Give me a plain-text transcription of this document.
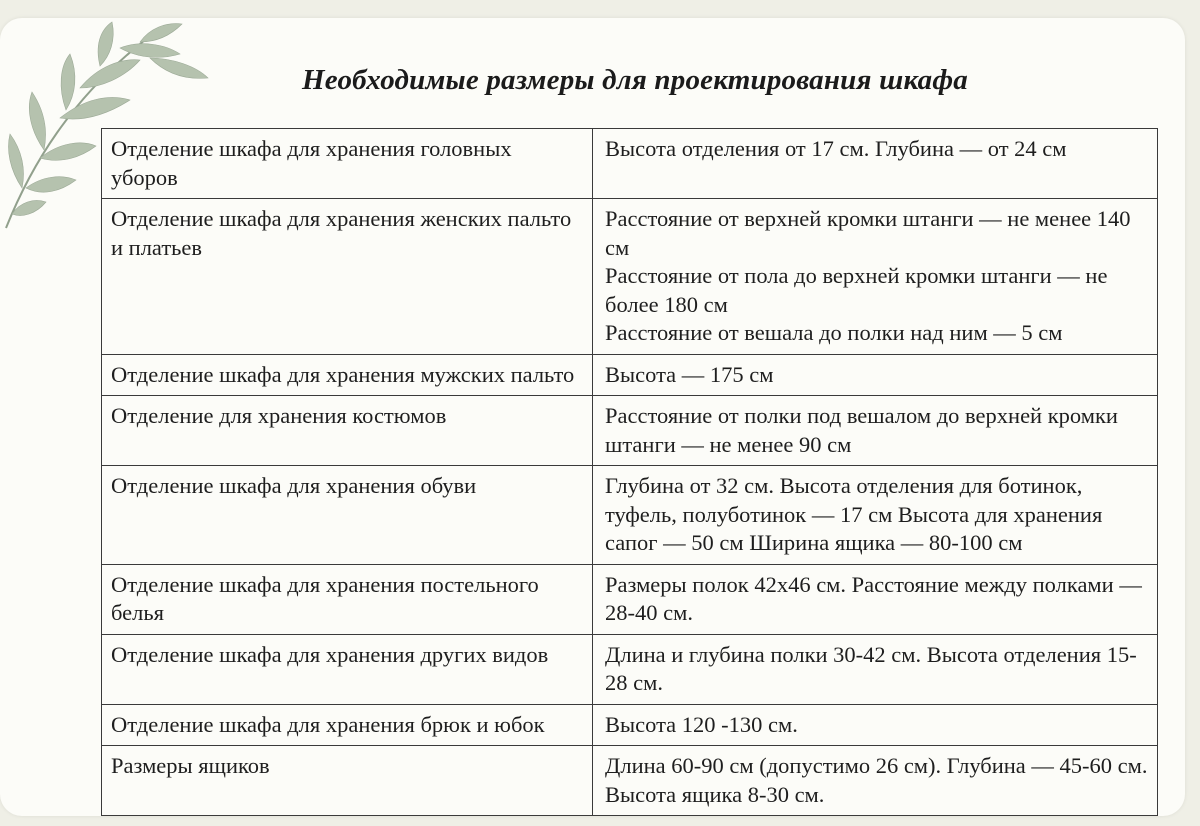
Необходимые размеры для проектирования шкафа
Отделение шкафа для хранения головных уборов	Высота отделения от 17 см. Глубина — от 24 см

Отделение шкафа для хранения женских пальто и платьев	Расстояние от верхней кромки штанги — не менее 140 см
Расстояние от пола до верхней кромки штанги — не более 180 см
Расстояние от вешала до полки над ним — 5 см

Отделение шкафа для хранения мужских пальто	Высота — 175 см

Отделение для хранения костюмов	Расстояние от полки под вешалом до верхней кромки штанги — не менее 90 см

Отделение шкафа для хранения обуви	Глубина от 32 см. Высота отделения для ботинок, туфель, полуботинок — 17 см Высота для хранения сапог — 50 см Ширина ящика — 80-100 см

Отделение шкафа для хранения постельного белья	Размеры полок 42х46 см. Расстояние между полками — 28-40 см.

Отделение шкафа для хранения других видов	Длина и глубина полки 30-42 см. Высота отделения 15-28 см.

Отделение шкафа для хранения брюк и юбок	Высота 120 -130 см.

Размеры ящиков	Длина 60-90 см (допустимо 26 см). Глубина — 45-60 см. Высота ящика 8-30 см.
